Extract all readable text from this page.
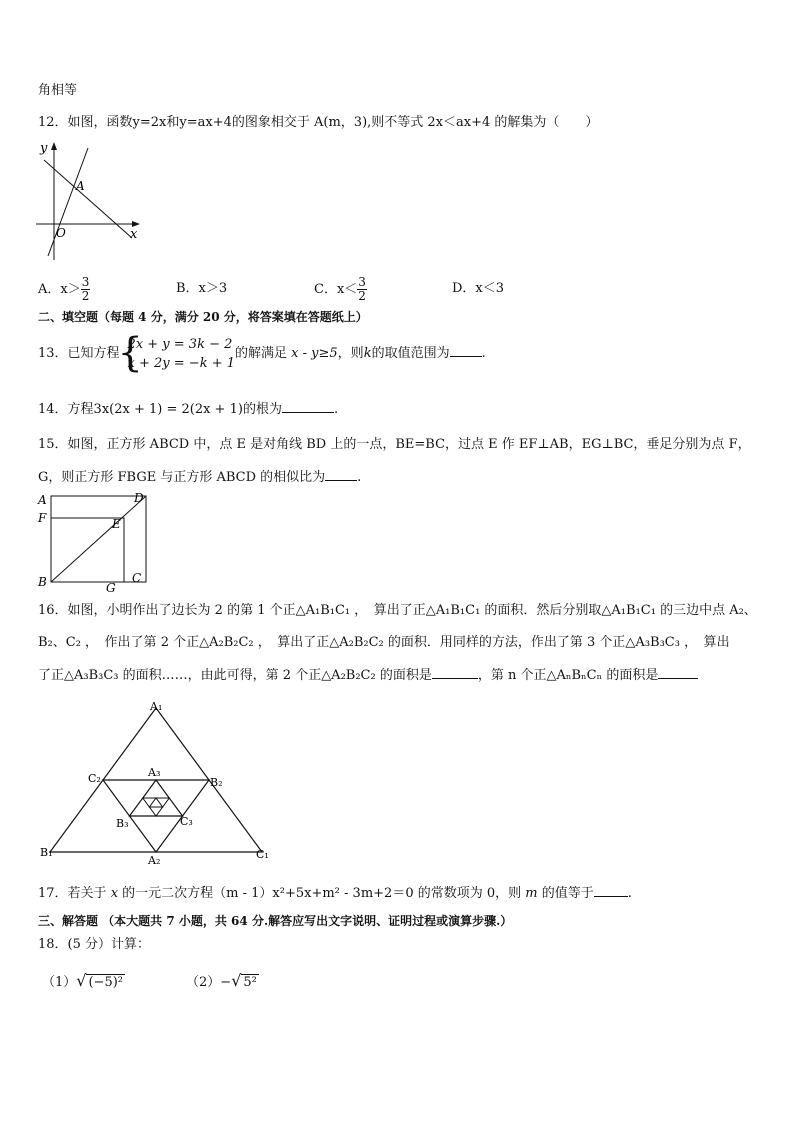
角相等
12．如图，函数y=2x和y=ax+4的图象相交于 A(m，3),则不等式 2x＜ax+4 的解集为（　　）
y
x
O
A
A．$x> \frac{3}{2}$	B．x＞3	C．$x< \frac{3}{2}$	D．x＜3
二、填空题（每题 4 分，满分 20 分，将答案填在答题纸上）
13．已知方程
{ 2x + y = 3k − 2
x + 2y = −k + 1
的解满足 x - y≥5，则k的取值范围为 .
14．方程3x(2x + 1) = 2(2x + 1)的根为	.
15．如图，正方形 ABCD 中，点 E 是对角线 BD 上的一点，BE=BC，过点 E 作 EF⊥AB，EG⊥BC，垂足分别为点 F，
G，则正方形 FBGE 与正方形 ABCD 的相似比为 .
A	D
F	E
B	G
C
16．如图，小明作出了边长为 2 的第 1 个正△A₁B₁C₁ ，　算出了正△A₁B₁C₁ 的面积．然后分别取△A₁B₁C₁ 的三边中点 A₂、
B₂、C₂ ，　作出了第 2 个正△A₂B₂C₂ ，　算出了正△A₂B₂C₂ 的面积．用同样的方法，作出了第 3 个正△A₃B₃C₃ ，　算出
了正△A₃B₃C₃ 的面积……，由此可得，第 2 个正△A₂B₂C₂ 的面积是	，第 n 个正△AₙBₙCₙ 的面积是
A₁
C₂	B₂
A₃
B₃	C₃
B₁
A₂	C₁
17．若关于 x 的一元二次方程（m - 1）x²+5x+m² - 3m+2＝0 的常数项为 0，则 m 的值等于	.
三、解答题 （本大题共 7 小题，共 64 分.解答应写出文字说明、证明过程或演算步骤.）
18．(5 分）计算：
（1）√ (−5)²	（2）−√ 5²
